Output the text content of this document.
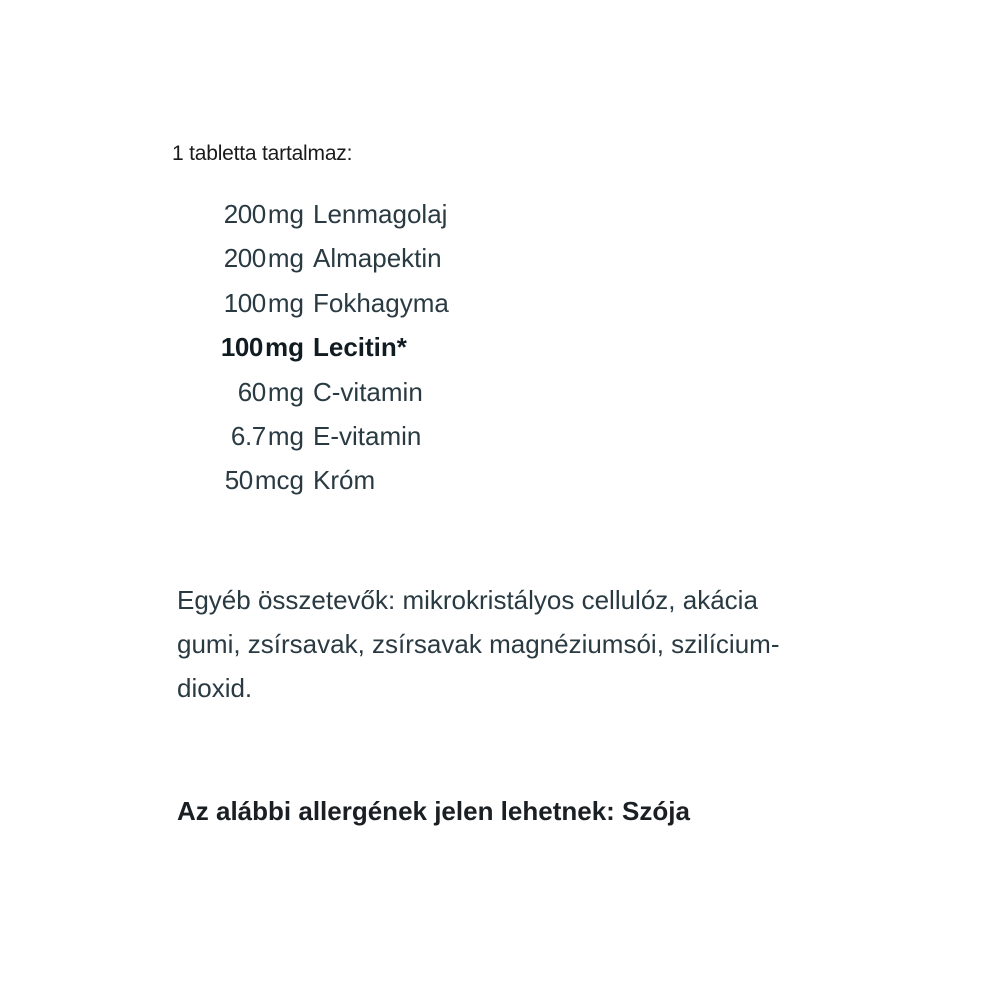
1 tabletta tartalmaz:
200mg Lenmagolaj
200mg Almapektin
100mg Fokhagyma
100mg Lecitin*
60mg C-vitamin
6.7mg E-vitamin
50mcg Króm
Egyéb összetevők: mikrokristályos cellulóz, akácia gumi, zsírsavak, zsírsavak magnéziumsói, szilícium-dioxid.
Az alábbi allergének jelen lehetnek: Szója
